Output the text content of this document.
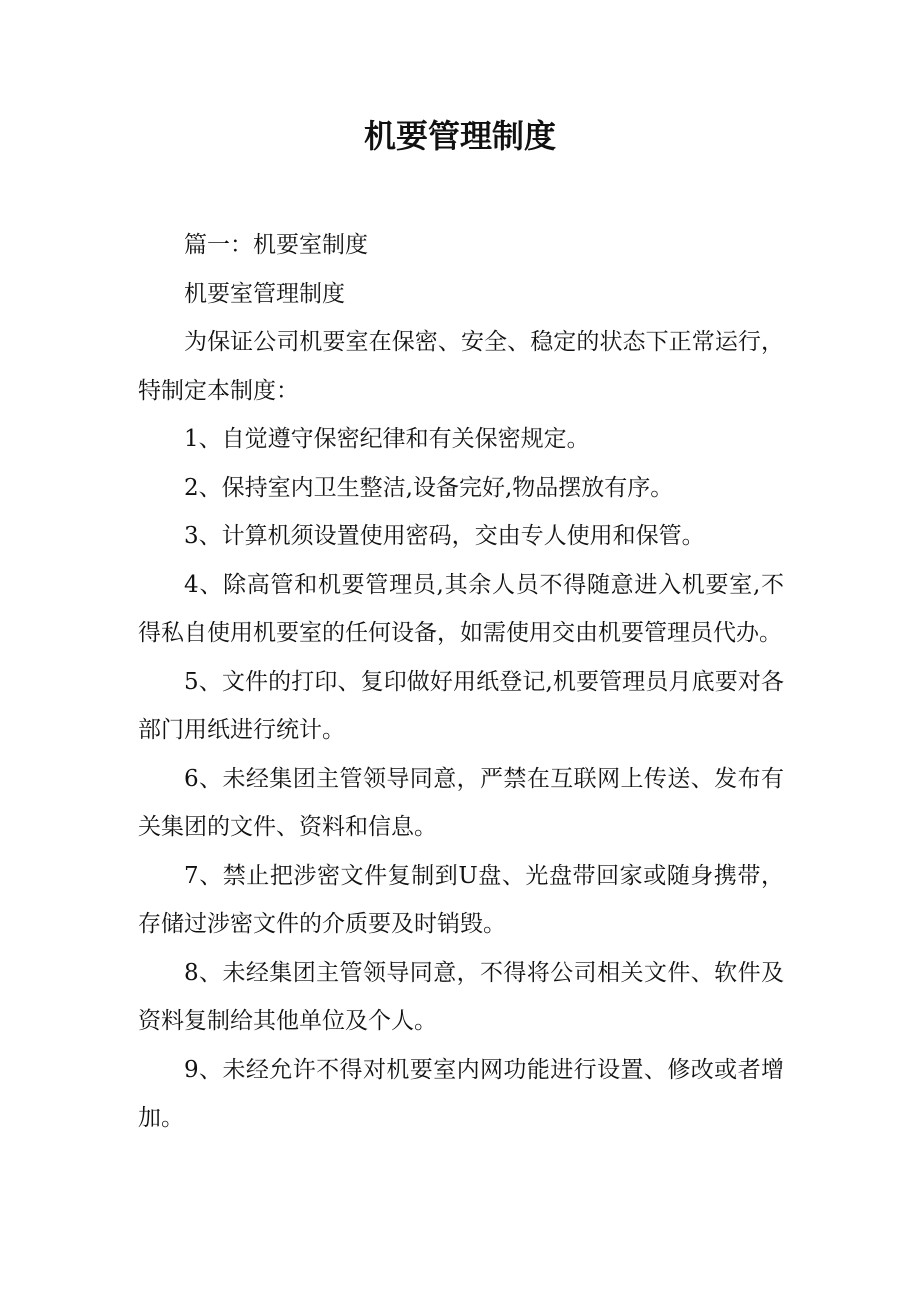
机要管理制度

篇一：机要室制度

机要室管理制度

为保证公司机要室在保密、安全、稳定的状态下正常运行，特制定本制度：

1、自觉遵守保密纪律和有关保密规定。

2、保持室内卫生整洁,设备完好,物品摆放有序。

3、计算机须设置使用密码，交由专人使用和保管。

4、除高管和机要管理员,其余人员不得随意进入机要室,不得私自使用机要室的任何设备，如需使用交由机要管理员代办。

5、文件的打印、复印做好用纸登记,机要管理员月底要对各部门用纸进行统计。

6、未经集团主管领导同意，严禁在互联网上传送、发布有关集团的文件、资料和信息。

7、禁止把涉密文件复制到U盘、光盘带回家或随身携带，存储过涉密文件的介质要及时销毁。

8、未经集团主管领导同意，不得将公司相关文件、软件及资料复制给其他单位及个人。

9、未经允许不得对机要室内网功能进行设置、修改或者增加。
